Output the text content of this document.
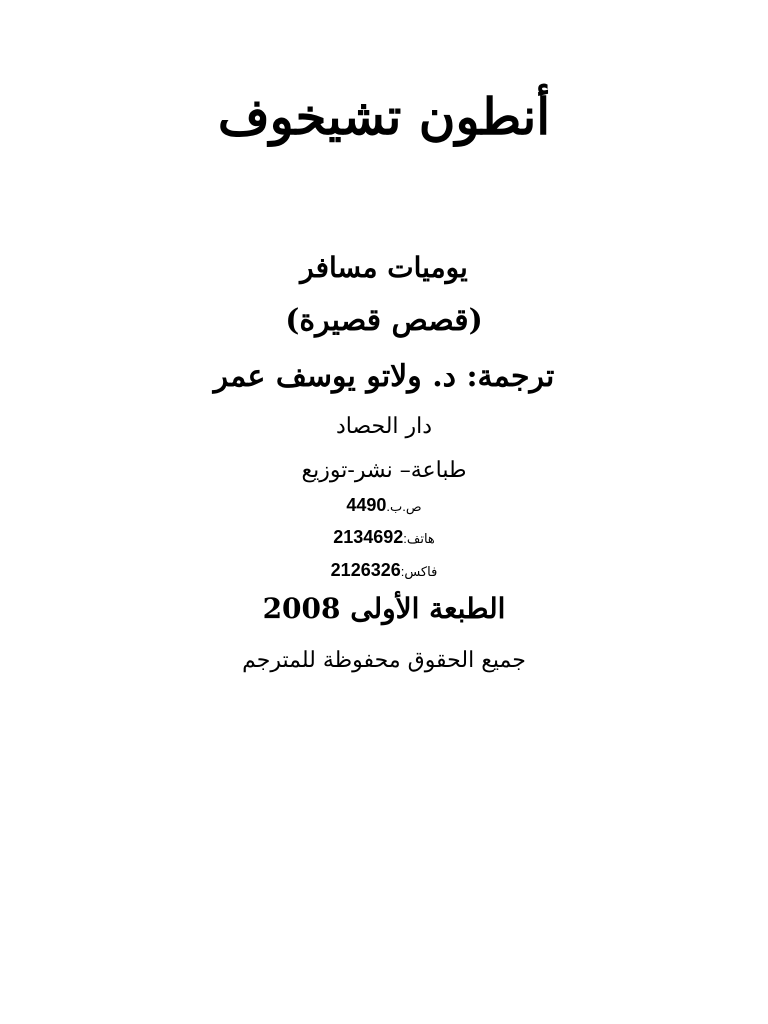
أنطون تشيخوف
يوميات مسافر
(قصص قصيرة)
ترجمة: د. ولاتو يوسف عمر
دار الحصاد
طباعة– نشر-توزيع
ص.ب.4490
هاتف:2134692
فاكس:2126326
الطبعة الأولى 2008
جميع الحقوق محفوظة للمترجم
